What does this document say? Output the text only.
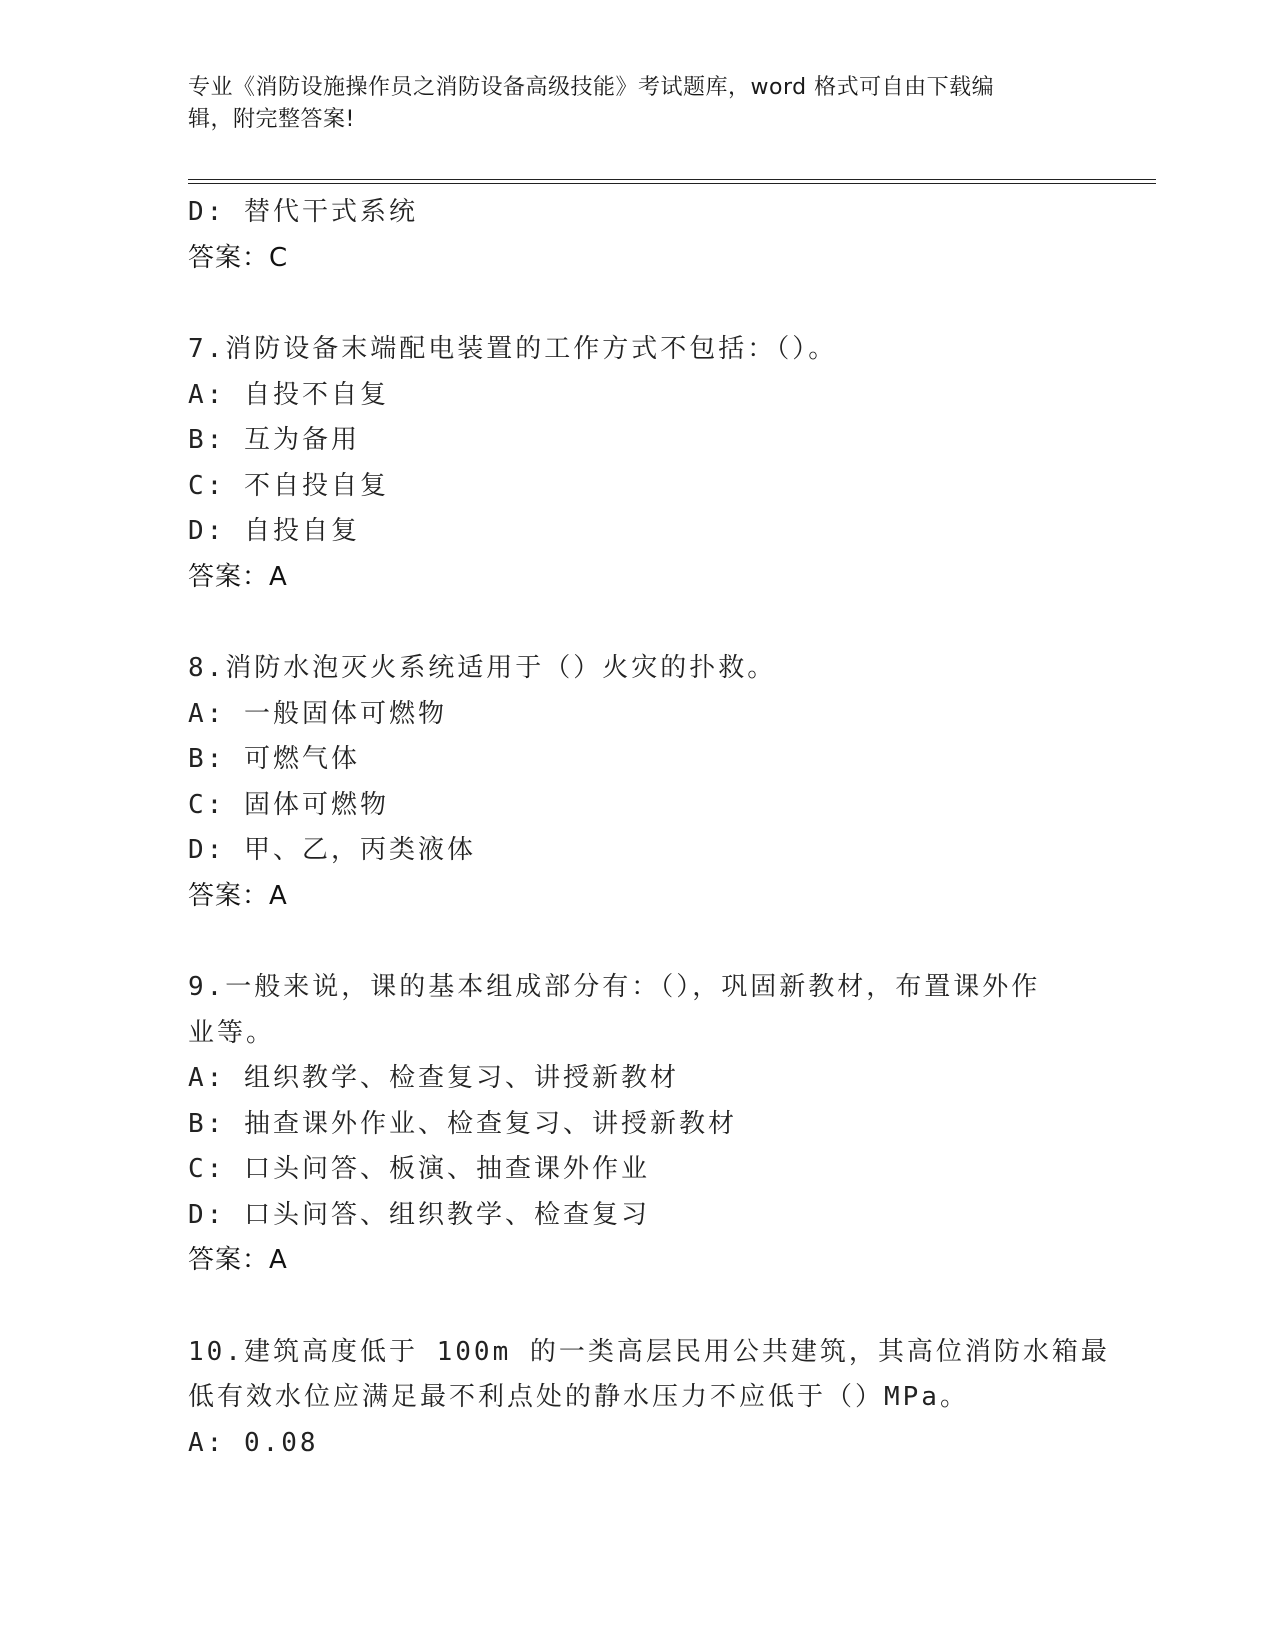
专业《消防设施操作员之消防设备高级技能》考试题库，word 格式可自由下载编
辑，附完整答案!
D: 替代干式系统
答案：C
7.消防设备末端配电装置的工作方式不包括：（）。
A: 自投不自复
B: 互为备用
C: 不自投自复
D: 自投自复
答案：A
8.消防水泡灭火系统适用于（）火灾的扑救。
A: 一般固体可燃物
B: 可燃气体
C: 固体可燃物
D: 甲、乙，丙类液体
答案：A
9.一般来说，课的基本组成部分有：（），巩固新教材，布置课外作
业等。
A: 组织教学、检查复习、讲授新教材
B: 抽查课外作业、检查复习、讲授新教材
C: 口头问答、板演、抽查课外作业
D: 口头问答、组织教学、检查复习
答案：A
10.建筑高度低于 100m 的一类高层民用公共建筑，其高位消防水箱最
低有效水位应满足最不利点处的静水压力不应低于（）MPa。
A: 0.08
